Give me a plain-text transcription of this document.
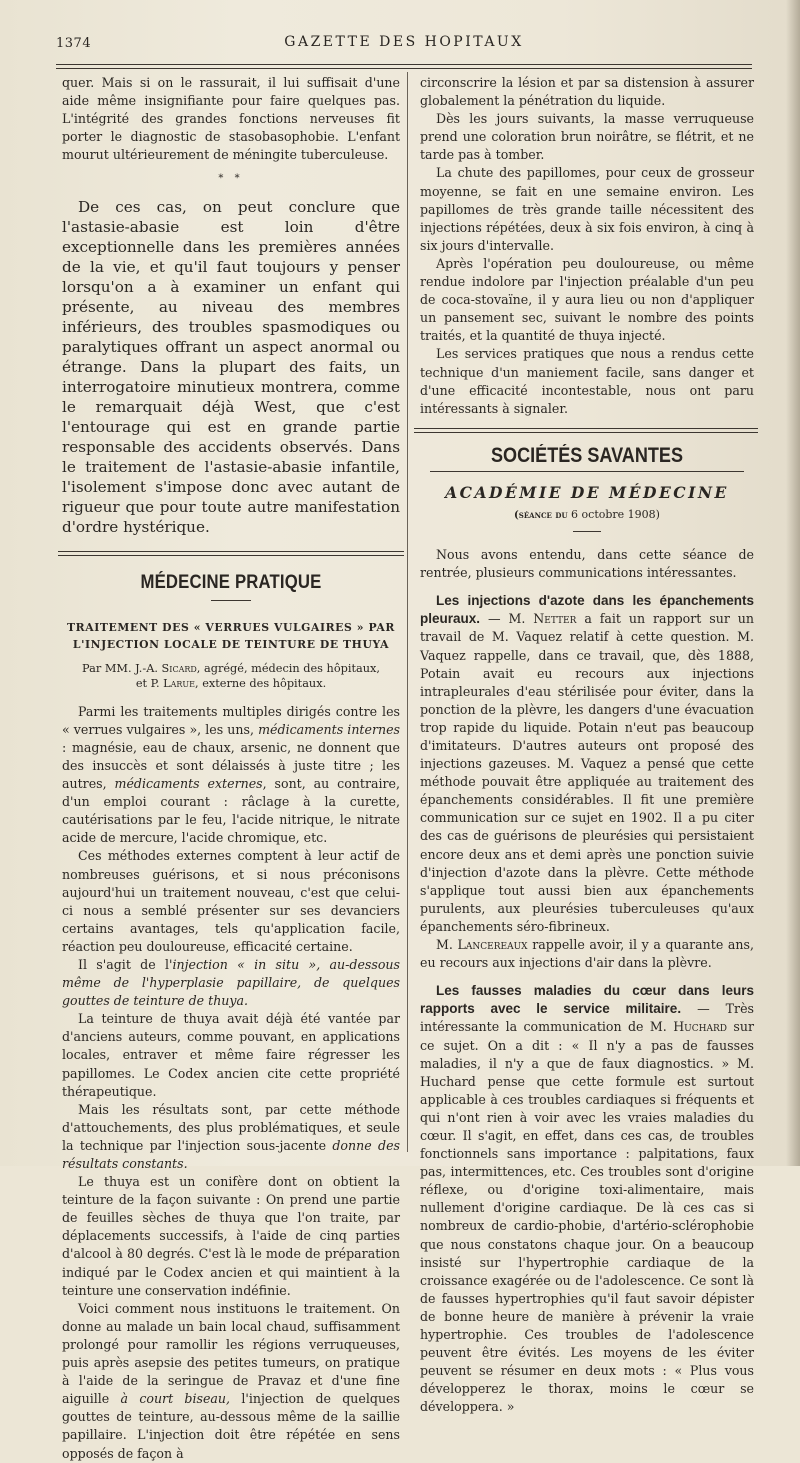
1374	GAZETTE DES HOPITAUX

quer. Mais si on le rassurait, il lui suffisait d'une aide même insignifiante pour faire quelques pas. L'intégrité des grandes fonctions nerveuses fit porter le diagnostic de stasobasophobie. L'enfant mourut ultérieurement de méningite tuberculeuse.

* *

De ces cas, on peut conclure que l'astasie-abasie est loin d'être exceptionnelle dans les premières années de la vie, et qu'il faut toujours y penser lorsqu'on a à examiner un enfant qui présente, au niveau des membres inférieurs, des troubles spasmodiques ou paralytiques offrant un aspect anormal ou étrange. Dans la plupart des faits, un interrogatoire minutieux montrera, comme le remarquait déjà West, que c'est l'entourage qui est en grande partie responsable des accidents observés. Dans le traitement de l'astasie-abasie infantile, l'isolement s'impose donc avec autant de rigueur que pour toute autre manifestation d'ordre hystérique.

MÉDECINE PRATIQUE
TRAITEMENT DES « VERRUES VULGAIRES » PAR L'INJECTION LOCALE DE TEINTURE DE THUYA
Par MM. J.-A. Sicard, agrégé, médecin des hôpitaux,
et P. Larue, externe des hôpitaux.

Parmi les traitements multiples dirigés contre les « verrues vulgaires », les uns, médicaments internes : magnésie, eau de chaux, arsenic, ne donnent que des insuccès et sont délaissés à juste titre ; les autres, médicaments externes, sont, au contraire, d'un emploi courant : râclage à la curette, cautérisations par le feu, l'acide nitrique, le nitrate acide de mercure, l'acide chromique, etc.

Ces méthodes externes comptent à leur actif de nombreuses guérisons, et si nous préconisons aujourd'hui un traitement nouveau, c'est que celui-ci nous a semblé présenter sur ses devanciers certains avantages, tels qu'application facile, réaction peu douloureuse, efficacité certaine.

Il s'agit de l'injection « in situ », au-dessous même de l'hyperplasie papillaire, de quelques gouttes de teinture de thuya.

La teinture de thuya avait déjà été vantée par d'anciens auteurs, comme pouvant, en applications locales, entraver et même faire régresser les papillomes. Le Codex ancien cite cette propriété thérapeutique.

Mais les résultats sont, par cette méthode d'attouchements, des plus problématiques, et seule la technique par l'injection sous-jacente donne des résultats constants.

Le thuya est un conifère dont on obtient la teinture de la façon suivante : On prend une partie de feuilles sèches de thuya que l'on traite, par déplacements successifs, à l'aide de cinq parties d'alcool à 80 degrés. C'est là le mode de préparation indiqué par le Codex ancien et qui maintient à la teinture une conservation indéfinie.

Voici comment nous instituons le traitement. On donne au malade un bain local chaud, suffisamment prolongé pour ramollir les régions verruqueuses, puis après asepsie des petites tumeurs, on pratique à l'aide de la seringue de Pravaz et d'une fine aiguille à court biseau, l'injection de quelques gouttes de teinture, au-dessous même de la saillie papillaire. L'injection doit être répétée en sens opposés de façon à

circonscrire la lésion et par sa distension à assurer globalement la pénétration du liquide.

Dès les jours suivants, la masse verruqueuse prend une coloration brun noirâtre, se flétrit, et ne tarde pas à tomber.

La chute des papillomes, pour ceux de grosseur moyenne, se fait en une semaine environ. Les papillomes de très grande taille nécessitent des injections répétées, deux à six fois environ, à cinq à six jours d'intervalle.

Après l'opération peu douloureuse, ou même rendue indolore par l'injection préalable d'un peu de coca-stovaïne, il y aura lieu ou non d'appliquer un pansement sec, suivant le nombre des points traités, et la quantité de thuya injecté.

Les services pratiques que nous a rendus cette technique d'un maniement facile, sans danger et d'une efficacité incontestable, nous ont paru intéressants à signaler.

SOCIÉTÉS SAVANTES
ACADÉMIE DE MÉDECINE
(séance du 6 octobre 1908)

Nous avons entendu, dans cette séance de rentrée, plusieurs communications intéressantes.

Les injections d'azote dans les épanchements pleuraux. — M. Netter a fait un rapport sur un travail de M. Vaquez relatif à cette question. M. Vaquez rappelle, dans ce travail, que, dès 1888, Potain avait eu recours aux injections intrapleurales d'eau stérilisée pour éviter, dans la ponction de la plèvre, les dangers d'une évacuation trop rapide du liquide. Potain n'eut pas beaucoup d'imitateurs. D'autres auteurs ont proposé des injections gazeuses. M. Vaquez a pensé que cette méthode pouvait être appliquée au traitement des épanchements considérables. Il fit une première communication sur ce sujet en 1902. Il a pu citer des cas de guérisons de pleurésies qui persistaient encore deux ans et demi après une ponction suivie d'injection d'azote dans la plèvre. Cette méthode s'applique tout aussi bien aux épanchements purulents, aux pleurésies tuberculeuses qu'aux épanchements séro-fibrineux.

M. Lancereaux rappelle avoir, il y a quarante ans, eu recours aux injections d'air dans la plèvre.

Les fausses maladies du cœur dans leurs rapports avec le service militaire. — Très intéressante la communication de M. Huchard sur ce sujet. On a dit : « Il n'y a pas de fausses maladies, il n'y a que de faux diagnostics. » M. Huchard pense que cette formule est surtout applicable à ces troubles cardiaques si fréquents et qui n'ont rien à voir avec les vraies maladies du cœur. Il s'agit, en effet, dans ces cas, de troubles fonctionnels sans importance : palpitations, faux pas, intermittences, etc. Ces troubles sont d'origine réflexe, ou d'origine toxi-alimentaire, mais nullement d'origine cardiaque. De là ces cas si nombreux de cardio-phobie, d'artério-sclérophobie que nous constatons chaque jour. On a beaucoup insisté sur l'hypertrophie cardiaque de la croissance exagérée ou de l'adolescence. Ce sont là de fausses hypertrophies qu'il faut savoir dépister de bonne heure de manière à prévenir la vraie hypertrophie. Ces troubles de l'adolescence peuvent être évités. Les moyens de les éviter peuvent se résumer en deux mots : « Plus vous développerez le thorax, moins le cœur se développera. »
